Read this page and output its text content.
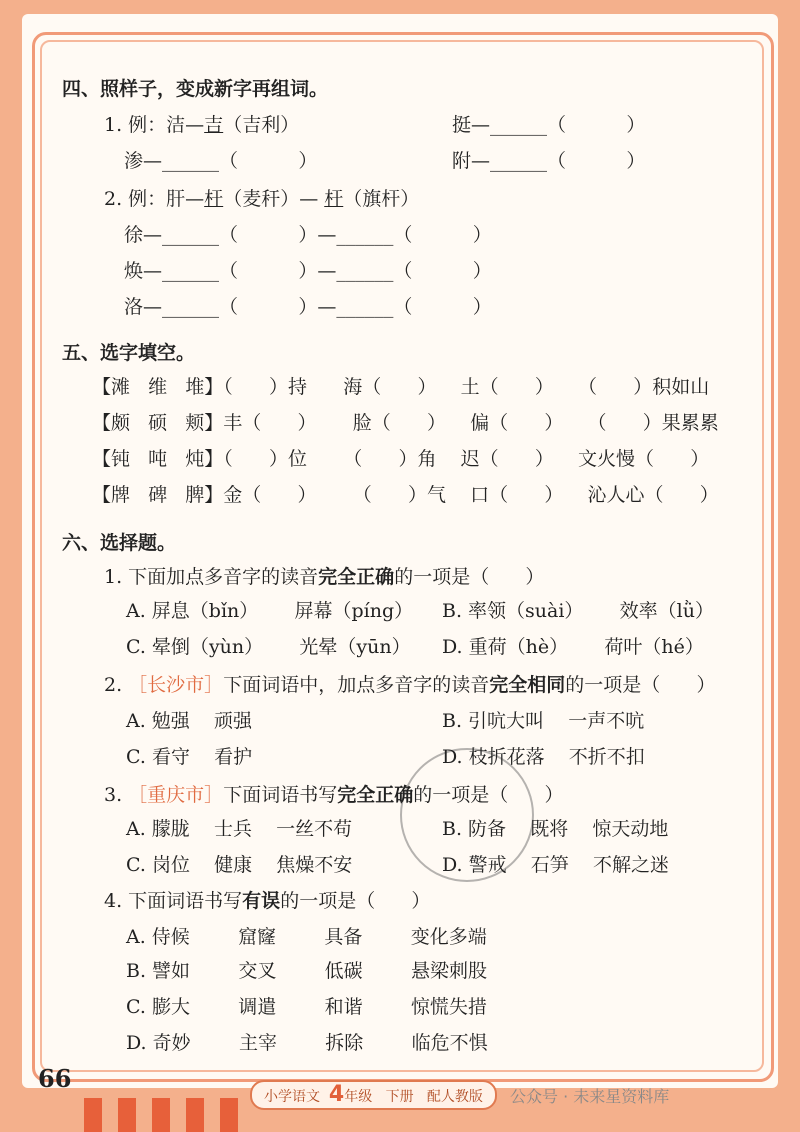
四、照样子，变成新字再组词。
1. 例：洁—吉（吉利）	挺—______（          ）
渗—______（          ）	附—______（          ）
2. 例：肝—杆（麦秆）— 杆（旗杆）
徐—______（          ）—______（          ）
焕—______（          ）—______（          ）
洛—______（          ）—______（          ）
五、选字填空。
【滩   维   堆】（      ）持      海（      ）    土（      ）    （      ）积如山
【颇   硕   颊】丰（      ）      脸（      ）    偏（      ）    （      ）果累累
【钝   吨   炖】（      ）位      （      ）角    迟（      ）    文火慢（      ）
【牌   碑   脾】金（      ）      （      ）气    口（      ）    沁人心（      ）
六、选择题。
1. 下面加点多音字的读音完全正确的一项是（      ）
A. 屏息（bǐn）      屏幕（píng） B. 率领（suài）      效率（lǜ）
C. 晕倒（yùn）      光晕（yūn） D. 重荷（hè）      荷叶（hé）
2. ［长沙市］下面词语中，加点多音字的读音完全相同的一项是（      ）
A. 勉强    顽强	B. 引吭大叫    一声不吭
C. 看守    看护	D. 枝折花落    不折不扣
3. ［重庆市］下面词语书写完全正确的一项是（      ）
A. 朦胧    士兵    一丝不苟	B. 防备    既将    惊天动地
C. 岗位    健康    焦燥不安	D. 警戒    石笋    不解之迷
4. 下面词语书写有误的一项是（      ）
A. 侍候        窟窿        具备        变化多端
B. 譬如        交叉        低碳        悬梁刺股
C. 膨大        调遣        和谐        惊慌失措
D. 奇妙        主宰        拆除        临危不惧
66
小学语文 4年级   下册   配人教版	公众号 · 未来星资料库
